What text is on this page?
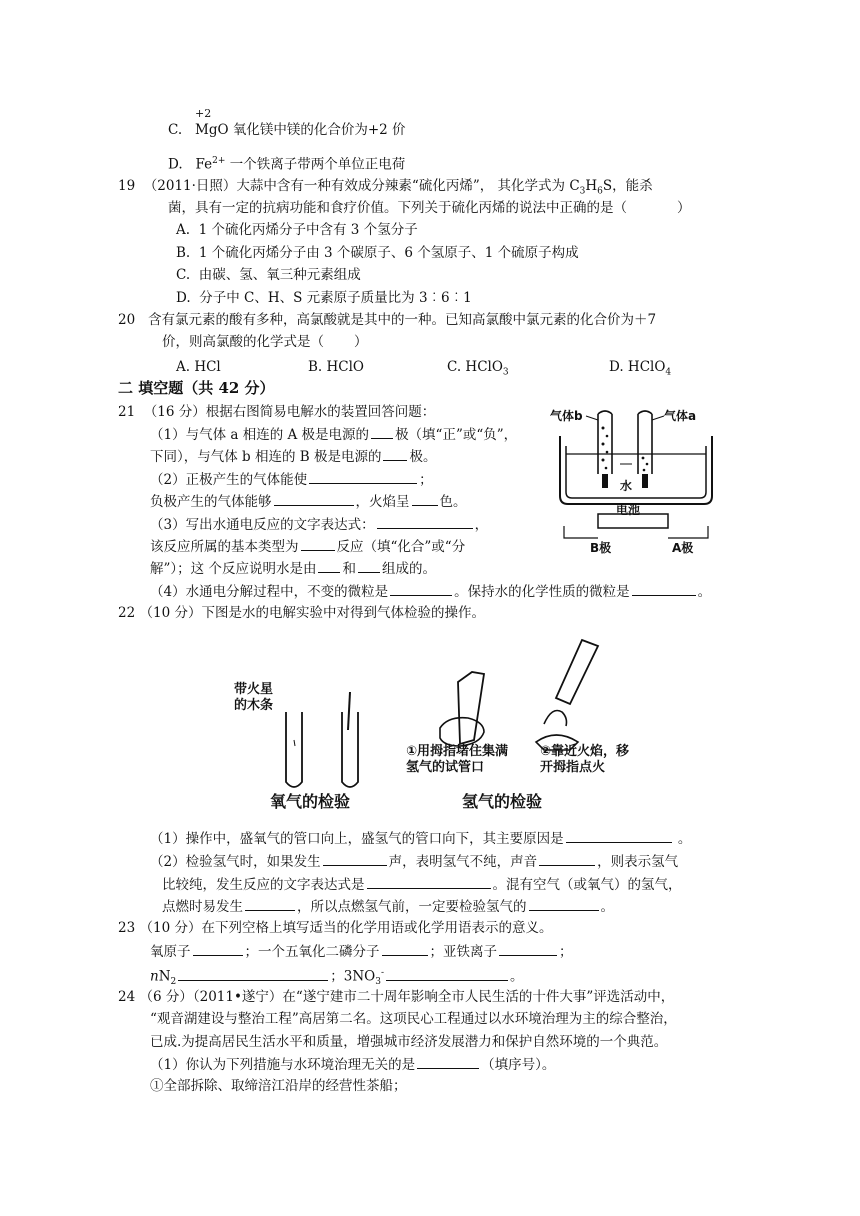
+2
C. MgO 氧化镁中镁的化合价为+2 价
D. $Fe^{2+}$ 一个铁离子带两个单位正电荷
19 （2011·日照）大蒜中含有一种有效成分辣素“硫化丙烯”， 其化学式为 $C_3H_6S$，能杀
菌，具有一定的抗病功能和食疗价值。下列关于硫化丙烯的说法中正确的是（	）
A. 1 个硫化丙烯分子中含有 3 个氢分子
B. 1 个硫化丙烯分子由 3 个碳原子、6 个氢原子、1 个硫原子构成
C. 由碳、氢、氧三种元素组成
D. 分子中 C、H、S 元素原子质量比为 3︰6︰1
20 含有氯元素的酸有多种，高氯酸就是其中的一种。已知高氯酸中氯元素的化合价为＋7
价，则高氯酸的化学式是（ ）
A. HCl	B. HClO	C. HClO$_3$	D. HClO$_4$
二 填空题（共 42 分）
21 （16 分）根据右图简易电解水的装置回答问题：
（1）与气体 a 相连的 A 极是电源的 极（填“正”或“负”，
下同），与气体 b 相连的 B 极是电源的 极。
（2）正极产生的气体能使	；
负极产生的气体能够	，火焰呈 色。
（3）写出水通电反应的文字表达式：	，
该反应所属的基本类型为	反应（填“化合”或“分
解”）；这 个反应说明水是由 和 组成的。
（4）水通电分解过程中，不变的微粒是	。保持水的化学性质的微粒是	。
气体b	气体a
水
电池
B极	A极
22 （10 分）下图是水的电解实验中对得到气体检验的操作。
带火星
的木条
①用拇指堵住集满
氢气的试管口
②靠近火焰，移
开拇指点火
氧气的检验	氢气的检验
（1）操作中，盛氧气的管口向上，盛氢气的管口向下，其主要原因是	。
（2）检验氢气时，如果发生	声，表明氢气不纯，声音	，则表示氢气
比较纯，发生反应的文字表达式是	。混有空气（或氧气）的氢气，
点燃时易发生	，所以点燃氢气前，一定要检验氢气的	。
23 （10 分）在下列空格上填写适当的化学用语或化学用语表示的意义。
氧原子	；一个五氧化二磷分子	；亚铁离子	；
$nN_2$	；$3NO_3^-$	。
24 （6 分）（2011•遂宁）在“遂宁建市二十周年影响全市人民生活的十件大事”评选活动中，
“观音湖建设与整治工程”高居第二名。这项民心工程通过以水环境治理为主的综合整治，
已成.为提高居民生活水平和质量，增强城市经济发展潜力和保护自然环境的一个典范。
（1）你认为下列措施与水环境治理无关的是	（填序号）。
①全部拆除、取缔涪江沿岸的经营性茶船；
